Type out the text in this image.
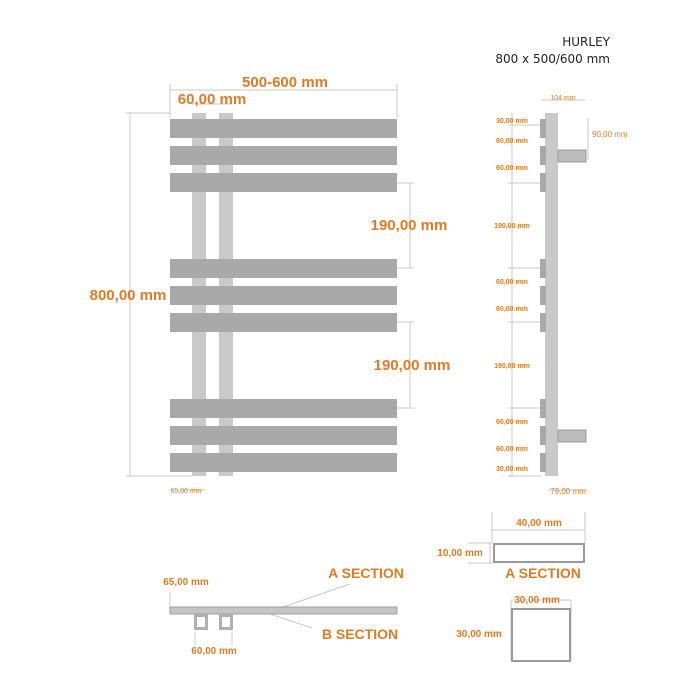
HURLEY
800 x 500/600 mm
500-600 mm
60,00 mm
800,00 mm
190,00 mm
190,00 mm
65,00 mm
104 mm
90,00 mm
79,00 mm
30,00 mm
60,00 mm
60,00 mm
190,00 mm
60,00 mm
60,00 mm
190,00 mm
60,00 mm
60,00 mm
30,00 mm
65,00 mm
A SECTION
B SECTION
60,00 mm
40,00 mm
10,00 mm
A SECTION
30,00 mm
30,00 mm
